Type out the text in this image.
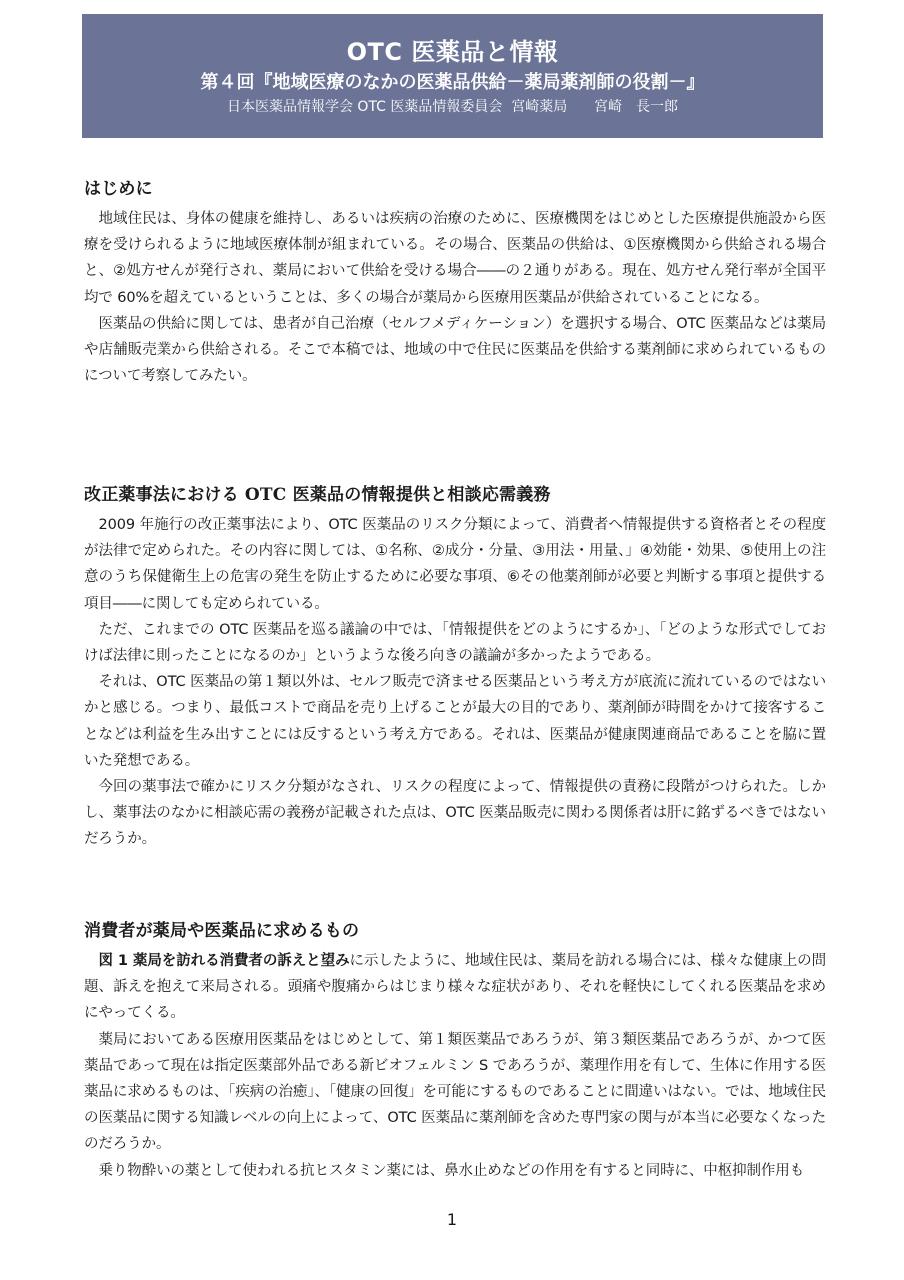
OTC 医薬品と情報
第４回『地域医療のなかの医薬品供給－薬局薬剤師の役割－』
日本医薬品情報学会 OTC 医薬品情報委員会  宮崎薬局      宮崎　長一郎
はじめに

地域住民は、身体の健康を維持し、あるいは疾病の治療のために、医療機関をはじめとした医療提供施設から医療を受けられるように地域医療体制が組まれている。その場合、医薬品の供給は、①医療機関から供給される場合と、②処方せんが発行され、薬局において供給を受ける場合――の２通りがある。現在、処方せん発行率が全国平均で 60%を超えているということは、多くの場合が薬局から医療用医薬品が供給されていることになる。

医薬品の供給に関しては、患者が自己治療（セルフメディケーション）を選択する場合、OTC 医薬品などは薬局や店舗販売業から供給される。そこで本稿では、地域の中で住民に医薬品を供給する薬剤師に求められているものについて考察してみたい。

改正薬事法における OTC 医薬品の情報提供と相談応需義務

2009 年施行の改正薬事法により、OTC 医薬品のリスク分類によって、消費者へ情報提供する資格者とその程度が法律で定められた。その内容に関しては、①名称、②成分・分量、③用法・用量、」④効能・効果、⑤使用上の注意のうち保健衛生上の危害の発生を防止するために必要な事項、⑥その他薬剤師が必要と判断する事項と提供する項目――に関しても定められている。

ただ、これまでの OTC 医薬品を巡る議論の中では、「情報提供をどのようにするか」、「どのような形式でしておけば法律に則ったことになるのか」というような後ろ向きの議論が多かったようである。

それは、OTC 医薬品の第１類以外は、セルフ販売で済ませる医薬品という考え方が底流に流れているのではないかと感じる。つまり、最低コストで商品を売り上げることが最大の目的であり、薬剤師が時間をかけて接客することなどは利益を生み出すことには反するという考え方である。それは、医薬品が健康関連商品であることを脇に置いた発想である。

今回の薬事法で確かにリスク分類がなされ、リスクの程度によって、情報提供の責務に段階がつけられた。しかし、薬事法のなかに相談応需の義務が記載された点は、OTC 医薬品販売に関わる関係者は肝に銘ずるべきではないだろうか。

消費者が薬局や医薬品に求めるもの

図 1 薬局を訪れる消費者の訴えと望みに示したように、地域住民は、薬局を訪れる場合には、様々な健康上の問題、訴えを抱えて来局される。頭痛や腹痛からはじまり様々な症状があり、それを軽快にしてくれる医薬品を求めにやってくる。

薬局においてある医療用医薬品をはじめとして、第１類医薬品であろうが、第３類医薬品であろうが、かつて医薬品であって現在は指定医薬部外品である新ビオフェルミン S であろうが、薬理作用を有して、生体に作用する医薬品に求めるものは、「疾病の治癒」、「健康の回復」を可能にするものであることに間違いはない。では、地域住民の医薬品に関する知識レベルの向上によって、OTC 医薬品に薬剤師を含めた専門家の関与が本当に必要なくなったのだろうか。

乗り物酔いの薬として使われる抗ヒスタミン薬には、鼻水止めなどの作用を有すると同時に、中枢抑制作用も

1
